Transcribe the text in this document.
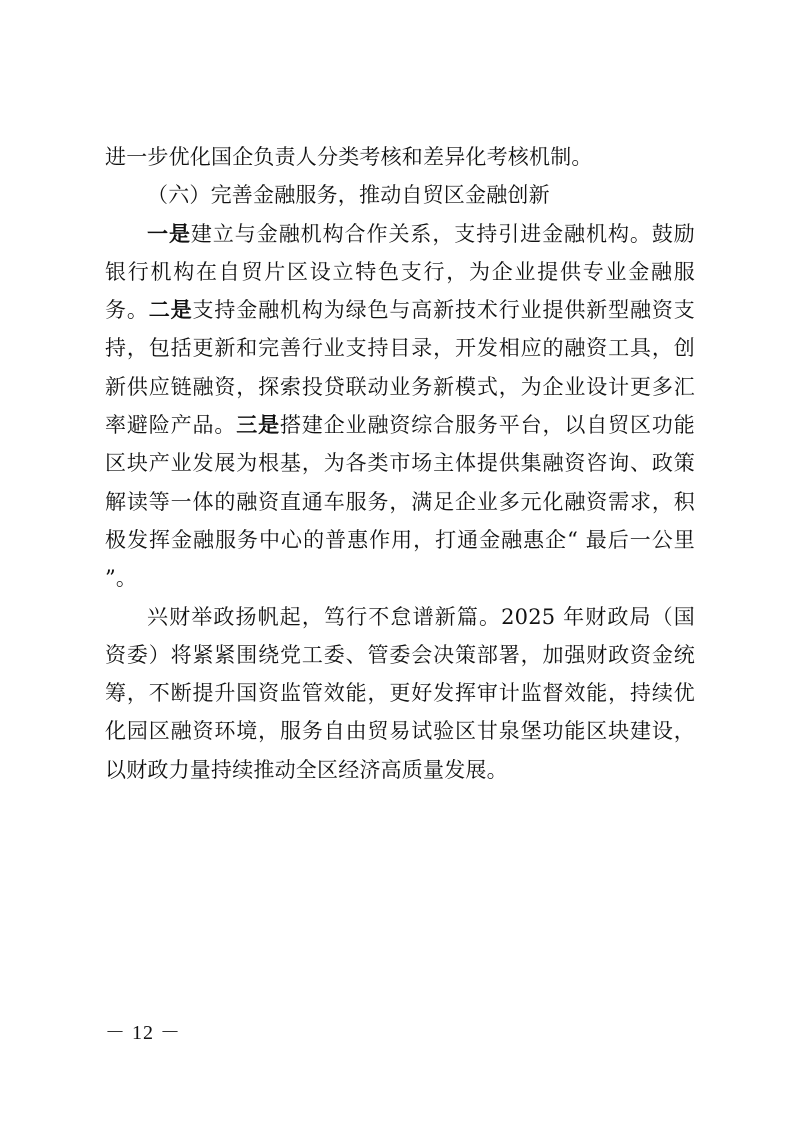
进一步优化国企负责人分类考核和差异化考核机制。

（六）完善金融服务，推动自贸区金融创新

一是建立与金融机构合作关系，支持引进金融机构。鼓励银行机构在自贸片区设立特色支行，为企业提供专业金融服务。二是支持金融机构为绿色与高新技术行业提供新型融资支持，包括更新和完善行业支持目录，开发相应的融资工具，创新供应链融资，探索投贷联动业务新模式，为企业设计更多汇率避险产品。三是搭建企业融资综合服务平台，以自贸区功能区块产业发展为根基，为各类市场主体提供集融资咨询、政策解读等一体的融资直通车服务，满足企业多元化融资需求，积极发挥金融服务中心的普惠作用，打通金融惠企“ 最后一公里 ”。

兴财举政扬帆起，笃行不怠谱新篇。2025 年财政局（国资委）将紧紧围绕党工委、管委会决策部署，加强财政资金统筹，不断提升国资监管效能，更好发挥审计监督效能，持续优化园区融资环境，服务自由贸易试验区甘泉堡功能区块建设，以财政力量持续推动全区经济高质量发展。

－ 12 －
